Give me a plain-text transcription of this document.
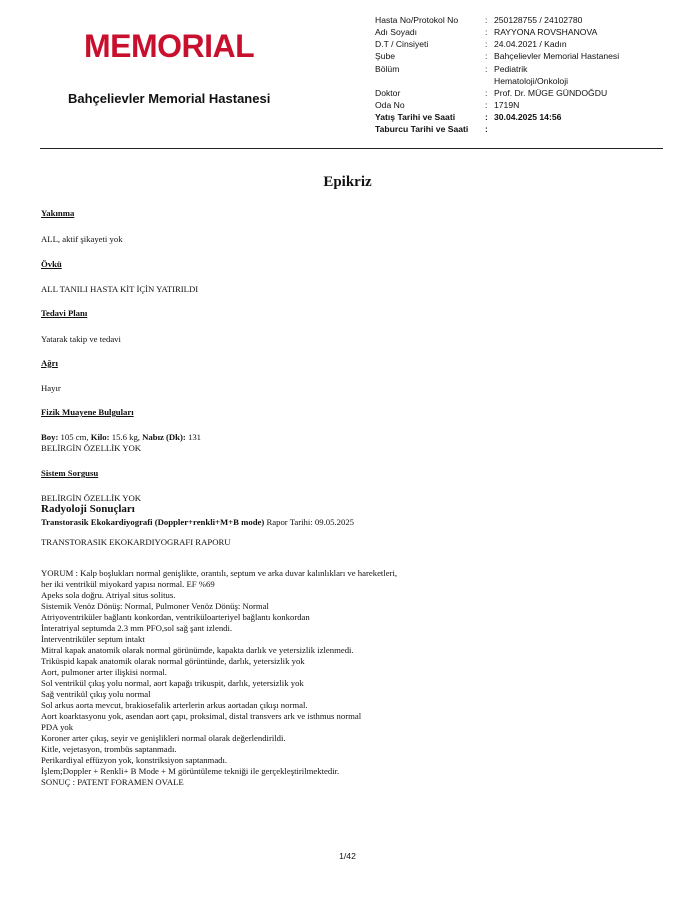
MEMORIAL
Bahçelievler Memorial Hastanesi
Hasta No/Protokol No	: 250128755 / 24102780
Adı Soyadı	: RAYYONA ROVSHANOVA
D.T / Cinsiyeti	: 24.04.2021 / Kadın
Şube	: Bahçelievler Memorial Hastanesi
Bölüm	: Pediatrik Hematoloji/Onkoloji
Doktor	: Prof. Dr. MÜGE GÜNDOĞDU
Oda No	: 1719N
Yatış Tarihi ve Saati	: 30.04.2025 14:56
Taburcu Tarihi ve Saati :
Epikriz
Yakınma
ALL, aktif şikayeti yok
Övkü
ALL TANILI HASTA KİT İÇİN YATIRILDI
Tedavi Planı
Yatarak takip ve tedavi
Ağrı
Hayır
Fizik Muayene Bulguları
Boy: 105 cm, Kilo: 15.6 kg, Nabız (Dk): 131
BELİRGİN ÖZELLİK YOK
Sistem Sorgusu
BELİRGİN ÖZELLİK YOK
Radyoloji Sonuçları
Transtorasik Ekokardiyografi (Doppler+renkli+M+B mode) Rapor Tarihi: 09.05.2025
TRANSTORASIK EKOKARDIYOGRAFI RAPORU
YORUM : Kalp boşlukları normal genişlikte, orantılı, septum ve arka duvar kalınlıkları ve hareketleri,
her iki ventrikül miyokard yapısı normal. EF %69
Apeks sola doğru. Atriyal situs solitus.
Sistemik Venöz Dönüş: Normal, Pulmoner Venöz Dönüş: Normal
Atriyoventriküler bağlantı konkordan, ventriküloarteriyel bağlantı konkordan
İnteratriyal septumda 2.3 mm PFO,sol sağ şant izlendi.
İnterventriküler septum intakt
Mitral kapak anatomik olarak normal görünümde, kapakta darlık ve yetersizlik izlenmedi.
Triküspid kapak anatomik olarak normal görüntünde, darlık, yetersizlik yok
Aort, pulmoner arter ilişkisi normal.
Sol ventrikül çıkış yolu normal, aort kapağı trikuspit, darlık, yetersizlik yok
Sağ ventrikül çıkış yolu normal
Sol arkus aorta mevcut, brakiosefalik arterlerin arkus aortadan çıkışı normal.
Aort koarktasyonu yok, asendan aort çapı, proksimal, distal transvers ark ve isthmus normal
PDA yok
Koroner arter çıkış, seyir ve genişlikleri normal olarak değerlendirildi.
Kitle, vejetasyon, trombüs saptanmadı.
Perikardiyal effüzyon yok, konstriksiyon saptanmadı.
İşlem;Doppler + Renkli+ B Mode + M görüntüleme tekniği ile gerçekleştirilmektedir.
SONUÇ : PATENT FORAMEN OVALE
1/42
